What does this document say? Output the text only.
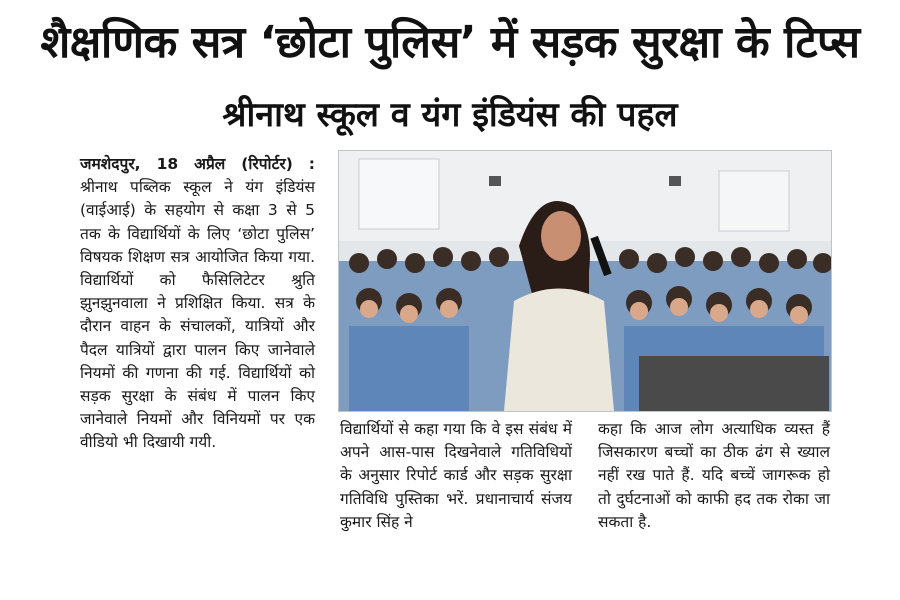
शैक्षणिक सत्र ‘छोटा पुलिस’ में सड़क सुरक्षा के टिप्स
श्रीनाथ स्कूल व यंग इंडियंस की पहल
जमशेदपुर, 18 अप्रैल (रिपोर्टर) : श्रीनाथ पब्लिक स्कूल ने यंग इंडियंस (वाईआई) के सहयोग से कक्षा 3 से 5 तक के विद्यार्थियों के लिए ‘छोटा पुलिस’ विषयक शिक्षण सत्र आयोजित किया गया. विद्यार्थियों को फैसिलिटेटर श्रुति झुनझुनवाला ने प्रशिक्षित किया. सत्र के दौरान वाहन के संचालकों, यात्रियों और पैदल यात्रियों द्वारा पालन किए जानेवाले नियमों की गणना की गई. विद्यार्थियों को सड़क सुरक्षा के संबंध में पालन किए जानेवाले नियमों और विनियमों पर एक वीडियो भी दिखायी गयी.
विद्यार्थियों से कहा गया कि वे इस संबंध में अपने आस-पास दिखनेवाले गतिविधियों के अनुसार रिपोर्ट कार्ड और सड़क सुरक्षा गतिविधि पुस्तिका भरें. प्रधानाचार्य संजय कुमार सिंह ने
कहा कि आज लोग अत्याधिक व्यस्त हैं जिसकारण बच्चों का ठीक ढंग से ख्याल नहीं रख पाते हैं. यदि बच्चें जागरूक हो तो दुर्घटनाओं को काफी हद तक रोका जा सकता है.
